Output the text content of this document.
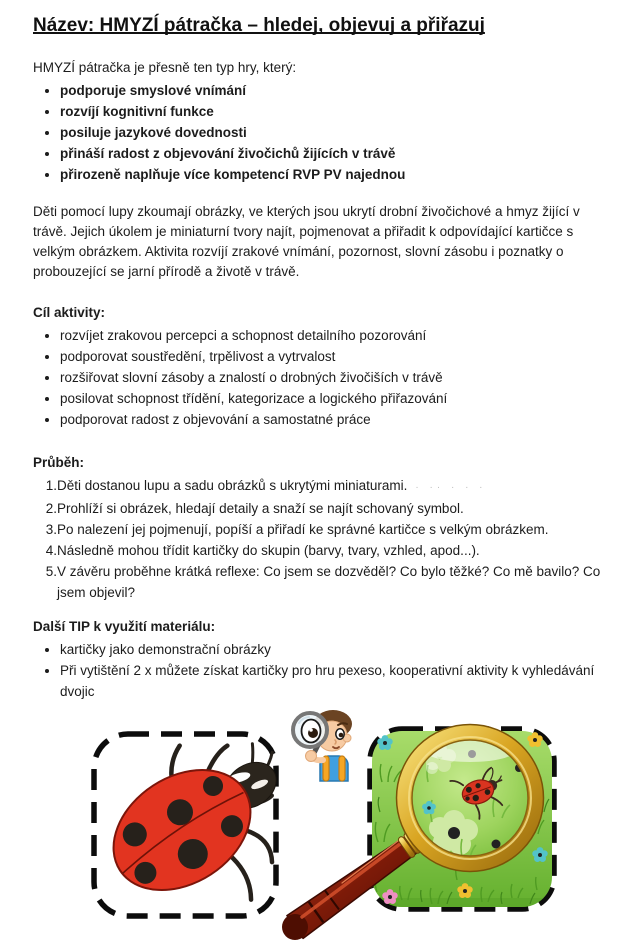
Název: HMYZÍ pátračka – hledej, objevuj a přiřazuj

HMYZÍ pátračka je přesně ten typ hry, který:

• podporuje smyslové vnímání
• rozvíjí kognitivní funkce
• posiluje jazykové dovednosti
• přináší radost z objevování živočichů žijících v trávě
• přirozeně naplňuje více kompetencí RVP PV najednou

Děti pomocí lupy zkoumají obrázky, ve kterých jsou ukrytí drobní živočichové a hmyz žijící v trávě. Jejich úkolem je miniaturní tvory najít, pojmenovat a přiřadit k odpovídající kartičce s velkým obrázkem. Aktivita rozvíjí zrakové vnímání, pozornost, slovní zásobu i poznatky o probouzející se jarní přírodě a životě v trávě.

Cíl aktivity:
• rozvíjet zrakovou percepci a schopnost detailního pozorování
• podporovat soustředění, trpělivost a vytrvalost
• rozšiřovat slovní zásoby a znalostí o drobných živočiších v trávě
• posilovat schopnost třídění, kategorizace a logického přiřazování
• podporovat radost z objevování a samostatné práce
Průběh:
Děti dostanou lupu a sadu obrázků s ukrytými miniaturami. · ·· · · ·
Prohlíží si obrázek, hledají detaily a snaží se najít schovaný symbol.
Po nalezení jej pojmenují, popíší a přiřadí ke správné kartičce s velkým obrázkem.
Následně mohou třídit kartičky do skupin (barvy, tvary, vzhled, apod...).
V závěru proběhne krátká reflexe: Co jsem se dozvěděl? Co bylo těžké? Co mě bavilo? Co jsem objevil?
Další TIP k využití materiálu:
• kartičky jako demonstrační obrázky
• Při vytištění 2 x můžete získat kartičky pro hru pexeso, kooperativní aktivity k vyhledávání dvojic
